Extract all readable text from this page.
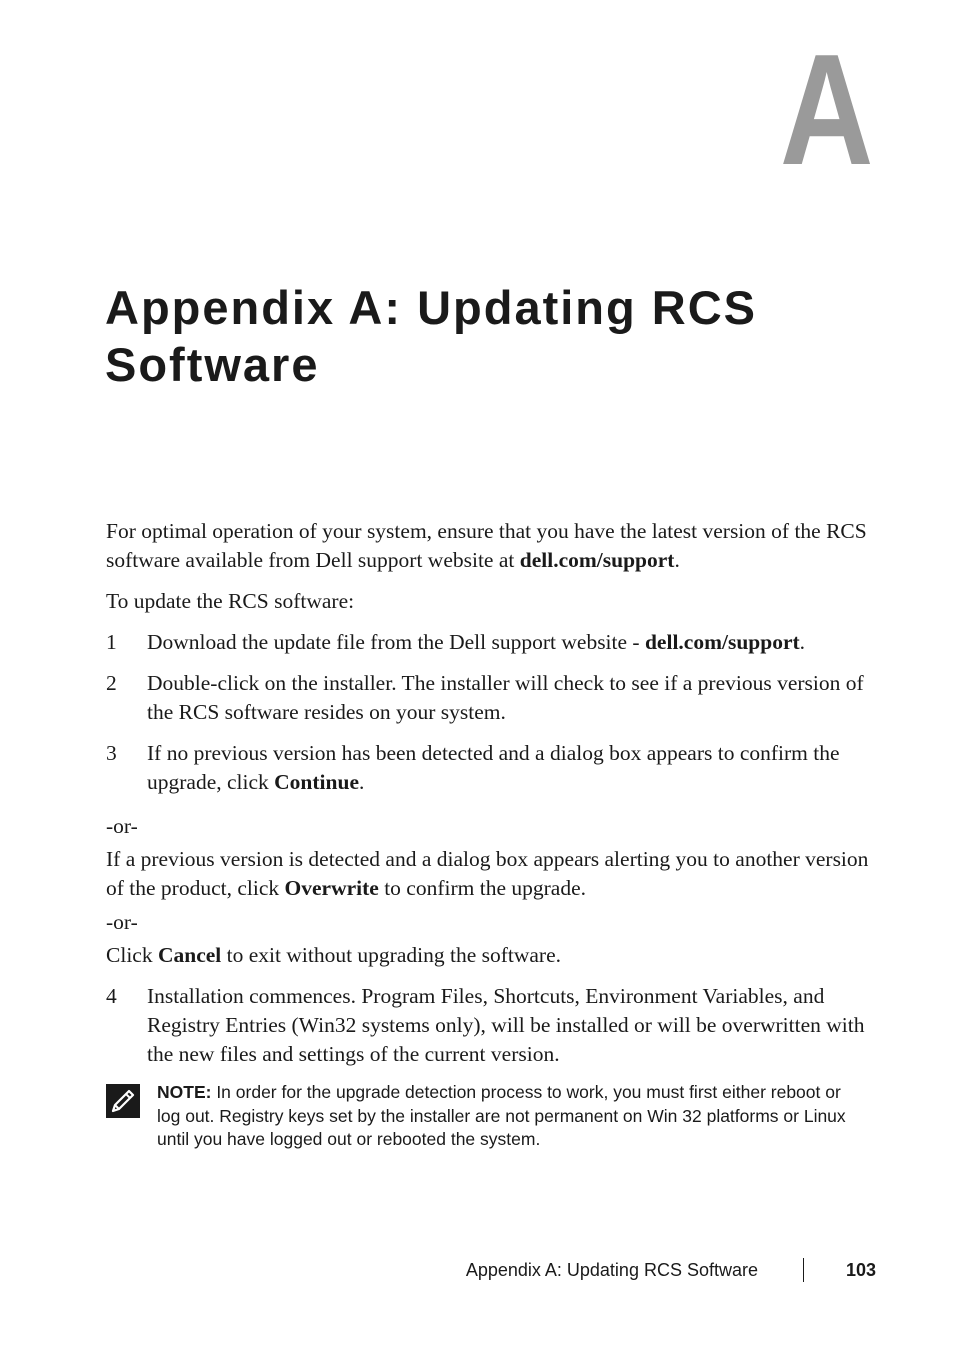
A
Appendix A: Updating RCS
Software

For optimal operation of your system, ensure that you have the latest version of the RCS software available from Dell support website at dell.com/support.

To update the RCS software:

1	Download the update file from the Dell support website - dell.com/support.
2	Double-click on the installer. The installer will check to see if a previous version of the RCS software resides on your system.
3	If no previous version has been detected and a dialog box appears to confirm the upgrade, click Continue.

-or-

If a previous version is detected and a dialog box appears alerting you to another version of the product, click Overwrite to confirm the upgrade.

-or-

Click Cancel to exit without upgrading the software.

4	Installation commences. Program Files, Shortcuts, Environment Variables, and Registry Entries (Win32 systems only), will be installed or will be overwritten with the new files and settings of the current version.
NOTE: In order for the upgrade detection process to work, you must first either reboot or log out. Registry keys set by the installer are not permanent on Win 32 platforms or Linux until you have logged out or rebooted the system.
Appendix A: Updating RCS Software	103
